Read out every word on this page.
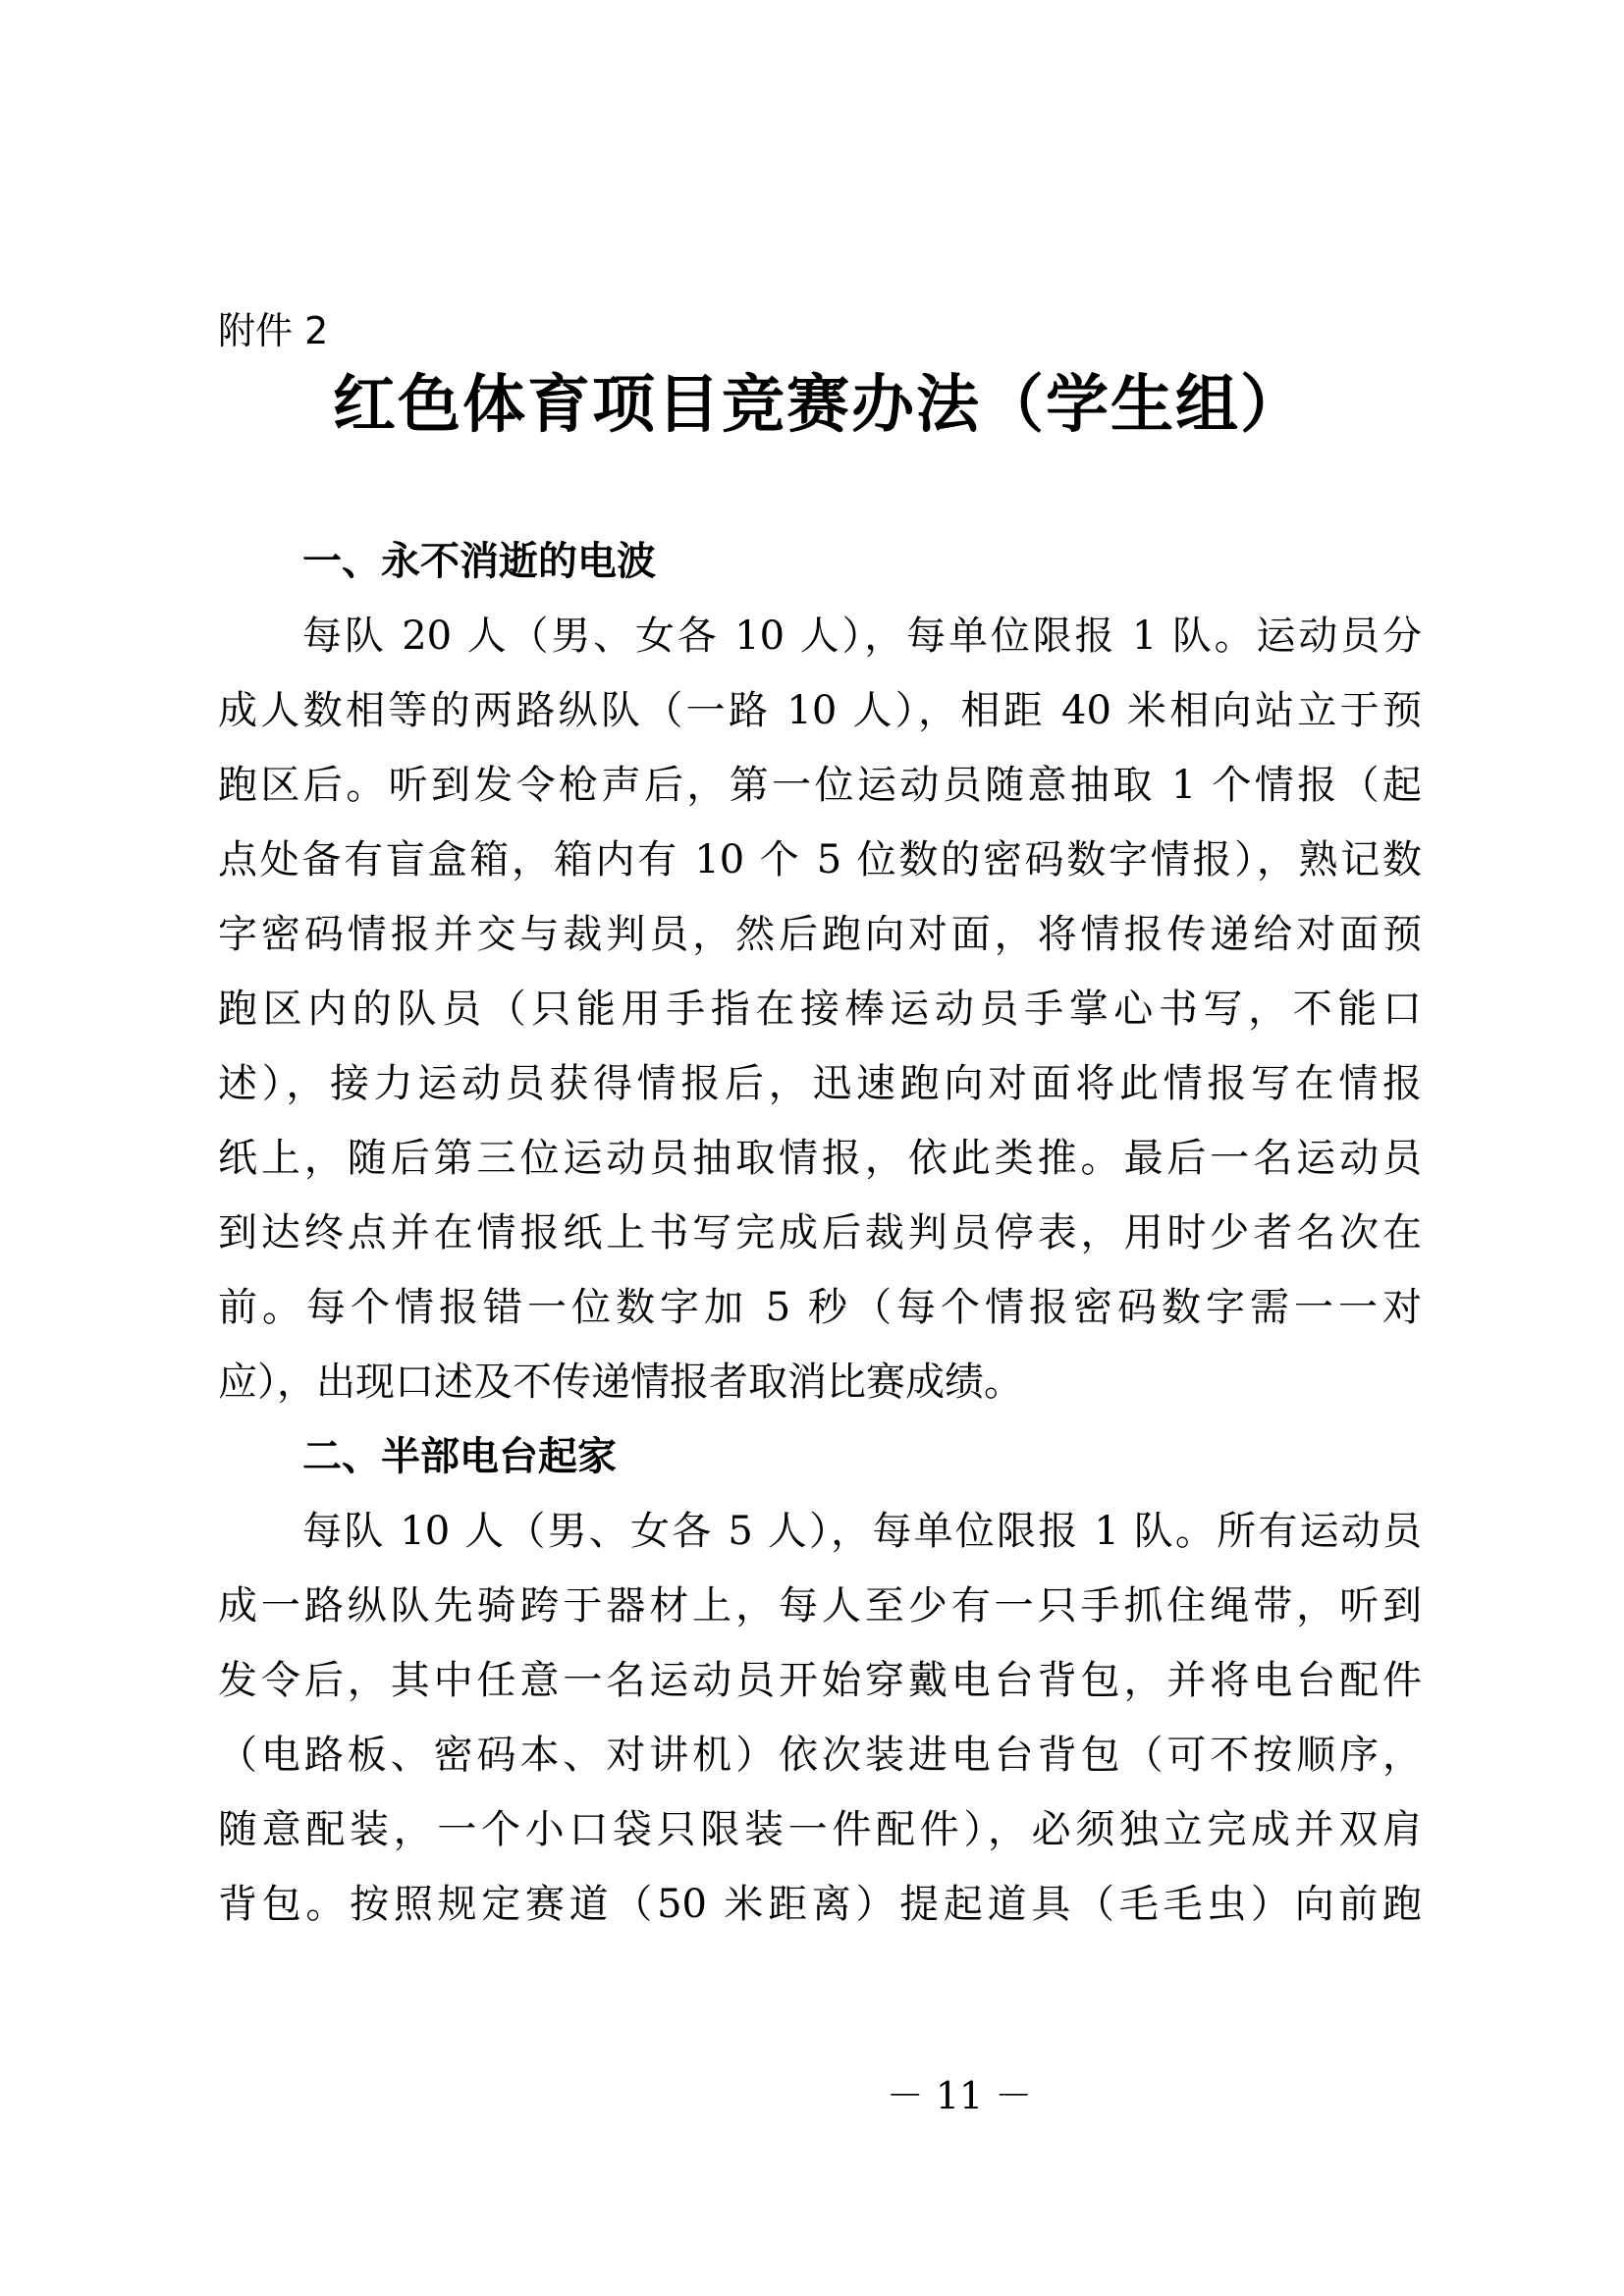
附件 2
红色体育项目竞赛办法（学生组）
一、永不消逝的电波
每队 20 人（男、女各 10 人），每单位限报 1 队。运动员分
成人数相等的两路纵队（一路 10 人），相距 40 米相向站立于预
跑区后。听到发令枪声后，第一位运动员随意抽取 1 个情报（起
点处备有盲盒箱，箱内有 10 个 5 位数的密码数字情报），熟记数
字密码情报并交与裁判员，然后跑向对面，将情报传递给对面预
跑区内的队员（只能用手指在接棒运动员手掌心书写，不能口
述），接力运动员获得情报后，迅速跑向对面将此情报写在情报
纸上，随后第三位运动员抽取情报，依此类推。最后一名运动员
到达终点并在情报纸上书写完成后裁判员停表，用时少者名次在
前。每个情报错一位数字加 5 秒（每个情报密码数字需一一对
应），出现口述及不传递情报者取消比赛成绩。
二、半部电台起家
每队 10 人（男、女各 5 人），每单位限报 1 队。所有运动员
成一路纵队先骑跨于器材上，每人至少有一只手抓住绳带，听到
发令后，其中任意一名运动员开始穿戴电台背包，并将电台配件
（电路板、密码本、对讲机）依次装进电台背包（可不按顺序，
随意配装，一个小口袋只限装一件配件），必须独立完成并双肩
背包。按照规定赛道（50 米距离）提起道具（毛毛虫）向前跑
－ 11 －
